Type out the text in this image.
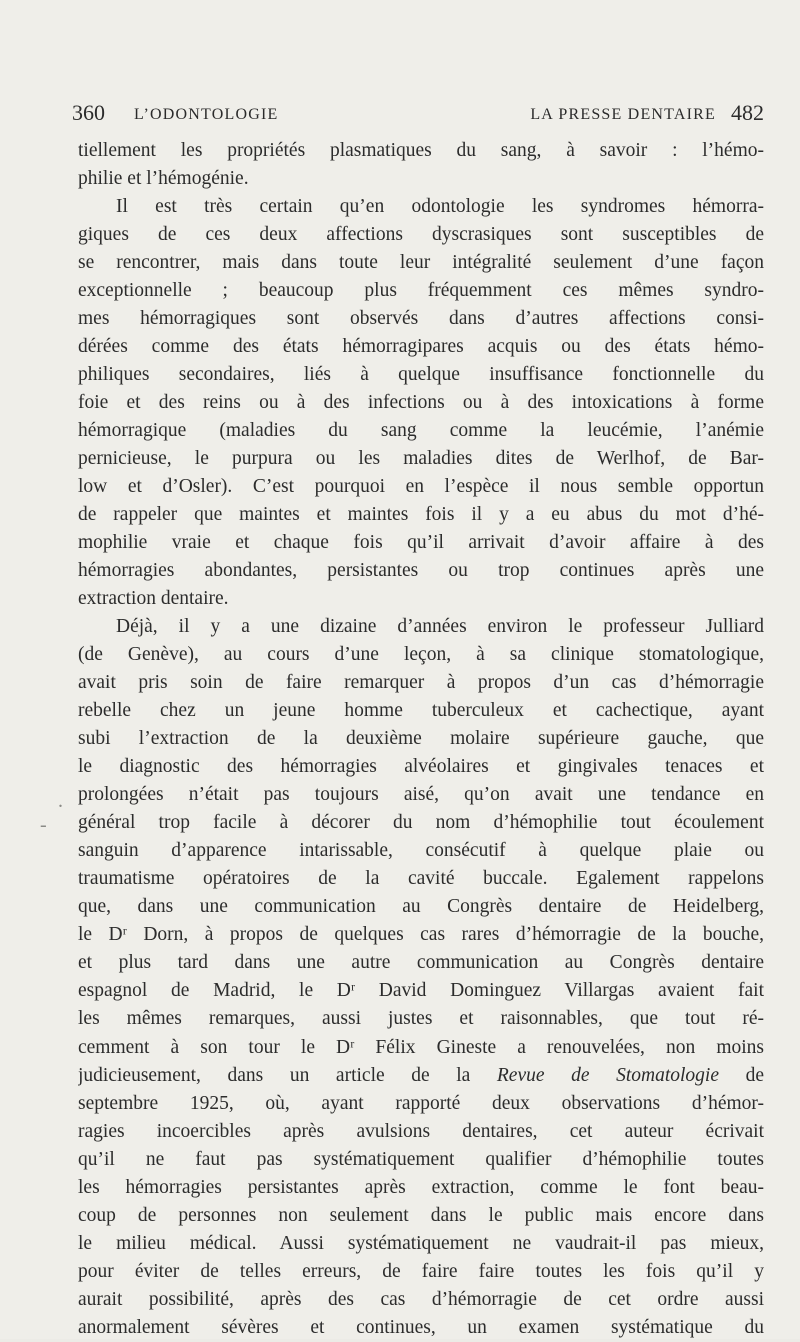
360 L’ODONTOLOGIE	LA PRESSE DENTAIRE 482
tiellement les propriétés plasmatiques du sang, à savoir : l’hémo-
philie et l’hémogénie.
Il est très certain qu’en odontologie les syndromes hémorra-
giques de ces deux affections dyscrasiques sont susceptibles de
se rencontrer, mais dans toute leur intégralité seulement d’une façon
exceptionnelle ; beaucoup plus fréquemment ces mêmes syndro-
mes hémorragiques sont observés dans d’autres affections consi-
dérées comme des états hémorragipares acquis ou des états hémo-
philiques secondaires, liés à quelque insuffisance fonctionnelle du
foie et des reins ou à des infections ou à des intoxications à forme
hémorragique (maladies du sang comme la leucémie, l’anémie
pernicieuse, le purpura ou les maladies dites de Werlhof, de Bar-
low et d’Osler). C’est pourquoi en l’espèce il nous semble opportun
de rappeler que maintes et maintes fois il y a eu abus du mot d’hé-
mophilie vraie et chaque fois qu’il arrivait d’avoir affaire à des
hémorragies abondantes, persistantes ou trop continues après une
extraction dentaire.
Déjà, il y a une dizaine d’années environ le professeur Julliard
(de Genève), au cours d’une leçon, à sa clinique stomatologique,
avait pris soin de faire remarquer à propos d’un cas d’hémorragie
rebelle chez un jeune homme tuberculeux et cachectique, ayant
subi l’extraction de la deuxième molaire supérieure gauche, que
le diagnostic des hémorragies alvéolaires et gingivales tenaces et
prolongées n’était pas toujours aisé, qu’on avait une tendance en
général trop facile à décorer du nom d’hémophilie tout écoulement
sanguin d’apparence intarissable, consécutif à quelque plaie ou
traumatisme opératoires de la cavité buccale. Egalement rappelons
que, dans une communication au Congrès dentaire de Heidelberg,
le Dʳ Dorn, à propos de quelques cas rares d’hémorragie de la bouche,
et plus tard dans une autre communication au Congrès dentaire
espagnol de Madrid, le Dʳ David Dominguez Villargas avaient fait
les mêmes remarques, aussi justes et raisonnables, que tout ré-
cemment à son tour le Dʳ Félix Gineste a renouvelées, non moins
judicieusement, dans un article de la Revue de Stomatologie de
septembre 1925, où, ayant rapporté deux observations d’hémor-
ragies incoercibles après avulsions dentaires, cet auteur écrivait
qu’il ne faut pas systématiquement qualifier d’hémophilie toutes
les hémorragies persistantes après extraction, comme le font beau-
coup de personnes non seulement dans le public mais encore dans
le milieu médical. Aussi systématiquement ne vaudrait-il pas mieux,
pour éviter de telles erreurs, de faire faire toutes les fois qu’il y
aurait possibilité, après des cas d’hémorragie de cet ordre aussi
anormalement sévères et continues, un examen systématique du
.
-
